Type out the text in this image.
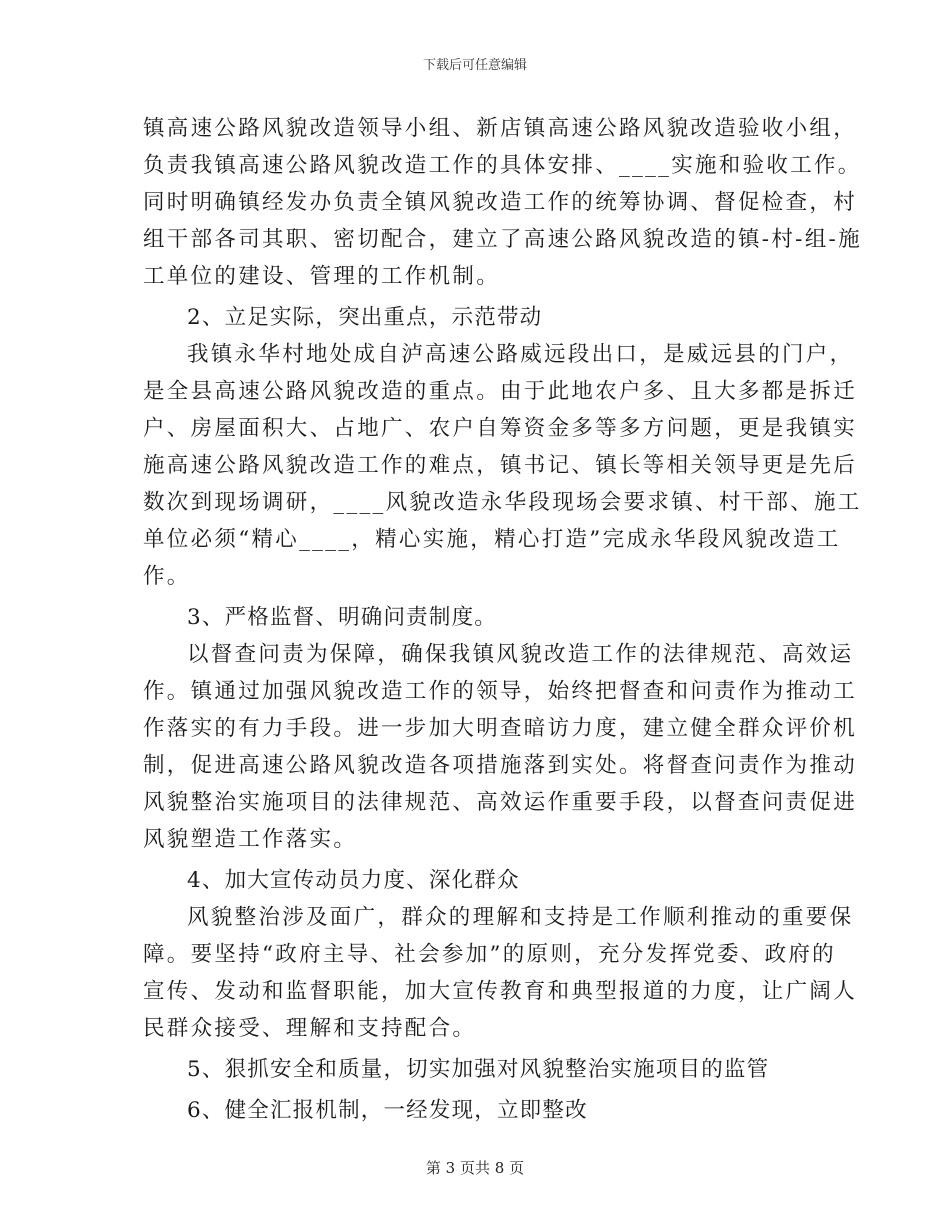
下载后可任意编辑
镇高速公路风貌改造领导小组、新店镇高速公路风貌改造验收小组，
负责我镇高速公路风貌改造工作的具体安排、____实施和验收工作。
同时明确镇经发办负责全镇风貌改造工作的统筹协调、督促检查，村
组干部各司其职、密切配合，建立了高速公路风貌改造的镇-村-组-施
工单位的建设、管理的工作机制。
2、立足实际，突出重点，示范带动
我镇永华村地处成自泸高速公路威远段出口，是威远县的门户，
是全县高速公路风貌改造的重点。由于此地农户多、且大多都是拆迁
户、房屋面积大、占地广、农户自筹资金多等多方问题，更是我镇实
施高速公路风貌改造工作的难点，镇书记、镇长等相关领导更是先后
数次到现场调研，____风貌改造永华段现场会要求镇、村干部、施工
单位必须“精心____，精心实施，精心打造”完成永华段风貌改造工
作。
3、严格监督、明确问责制度。
以督查问责为保障，确保我镇风貌改造工作的法律规范、高效运
作。镇通过加强风貌改造工作的领导，始终把督查和问责作为推动工
作落实的有力手段。进一步加大明查暗访力度，建立健全群众评价机
制，促进高速公路风貌改造各项措施落到实处。将督查问责作为推动
风貌整治实施项目的法律规范、高效运作重要手段，以督查问责促进
风貌塑造工作落实。
4、加大宣传动员力度、深化群众
风貌整治涉及面广，群众的理解和支持是工作顺利推动的重要保
障。要坚持“政府主导、社会参加”的原则，充分发挥党委、政府的
宣传、发动和监督职能，加大宣传教育和典型报道的力度，让广阔人
民群众接受、理解和支持配合。
5、狠抓安全和质量，切实加强对风貌整治实施项目的监管
6、健全汇报机制，一经发现，立即整改
第 3 页共 8 页
